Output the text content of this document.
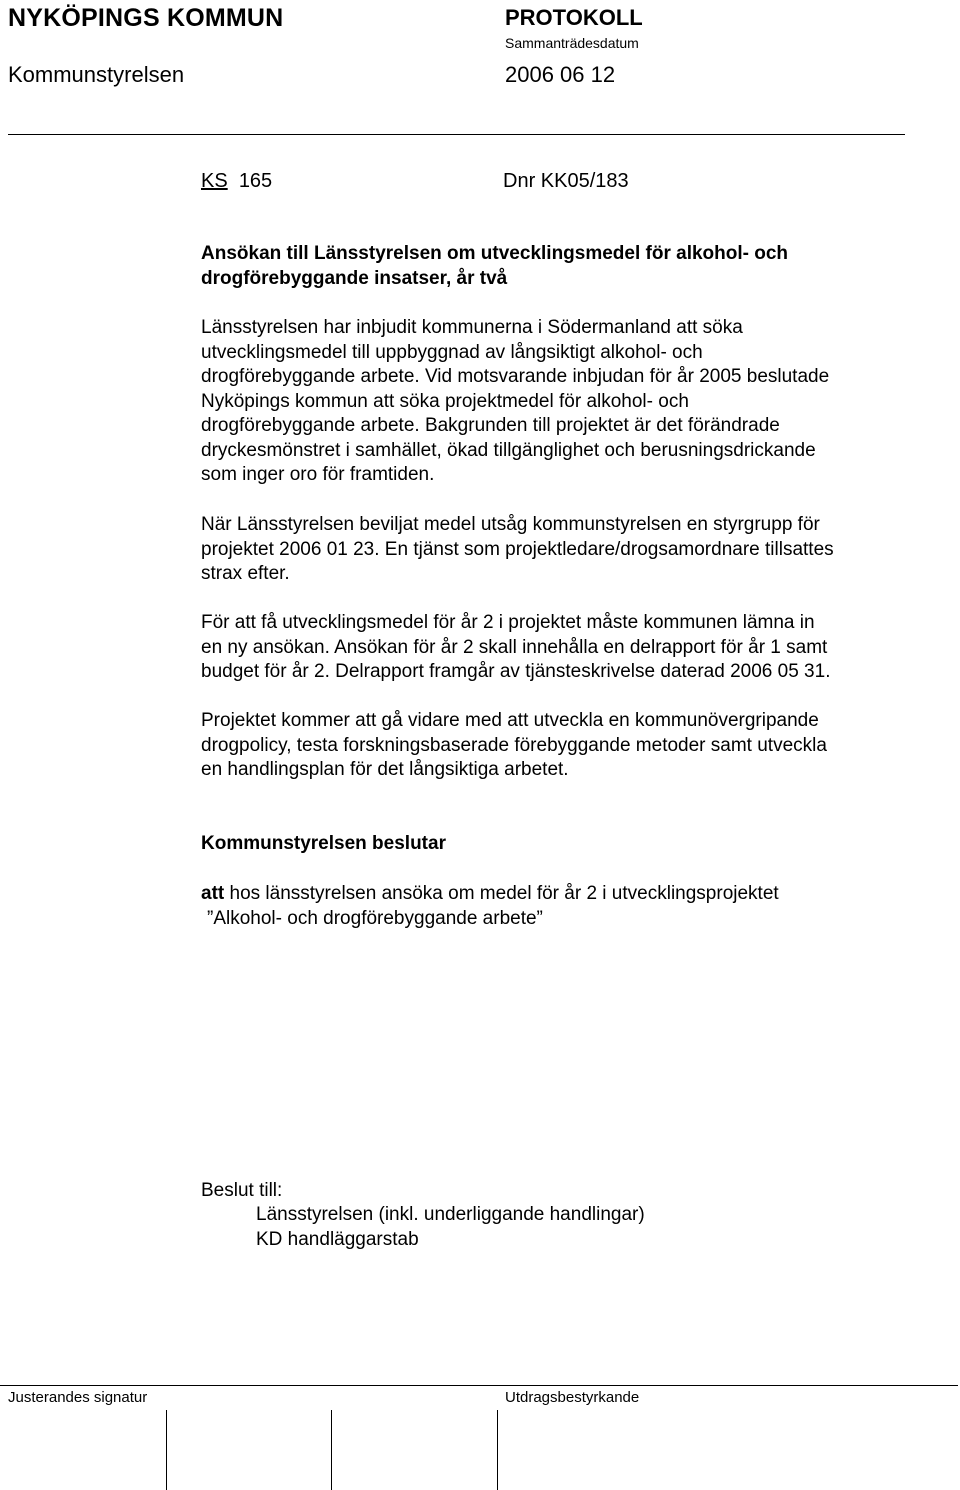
NYKÖPINGS KOMMUN	PROTOKOLL
Sammanträdesdatum
Kommunstyrelsen	2006 06 12
KS 165	Dnr KK05/183
Ansökan till Länsstyrelsen om utvecklingsmedel för alkohol- och
drogförebyggande insatser, år två
Länsstyrelsen har inbjudit kommunerna i Södermanland att söka
utvecklingsmedel till uppbyggnad av långsiktigt alkohol- och
drogförebyggande arbete. Vid motsvarande inbjudan för år 2005 beslutade
Nyköpings kommun att söka projektmedel för alkohol- och
drogförebyggande arbete. Bakgrunden till projektet är det förändrade
dryckesmönstret i samhället, ökad tillgänglighet och berusningsdrickande
som inger oro för framtiden.
När Länsstyrelsen beviljat medel utsåg kommunstyrelsen en styrgrupp för
projektet 2006 01 23. En tjänst som projektledare/drogsamordnare tillsattes
strax efter.
För att få utvecklingsmedel för år 2 i projektet måste kommunen lämna in
en ny ansökan. Ansökan för år 2 skall innehålla en delrapport för år 1 samt
budget för år 2. Delrapport framgår av tjänsteskrivelse daterad 2006 05 31.
Projektet kommer att gå vidare med att utveckla en kommunövergripande
drogpolicy, testa forskningsbaserade förebyggande metoder samt utveckla
en handlingsplan för det långsiktiga arbetet.
Kommunstyrelsen beslutar
att hos länsstyrelsen ansöka om medel för år 2 i utvecklingsprojektet
”Alkohol- och drogförebyggande arbete”
Beslut till:
Länsstyrelsen (inkl. underliggande handlingar)
KD handläggarstab
Justerandes signatur	Utdragsbestyrkande
